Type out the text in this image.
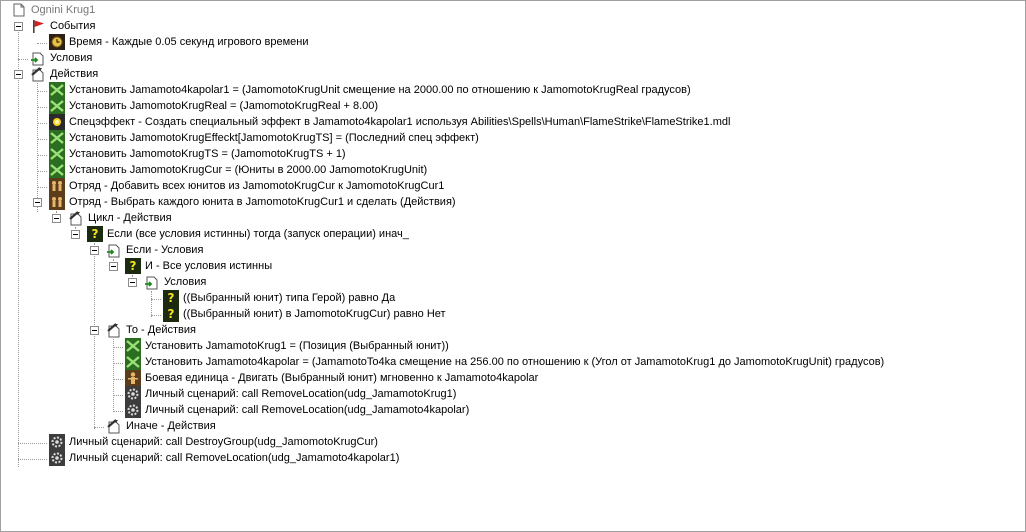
Ognini Krug1
События
Время - Каждые 0.05 секунд игрового времени
Условия
Действия
Установить Jamamoto4kapolar1 = (JamomotoKrugUnit смещение на 2000.00 по отношению к JamomotoKrugReal градусов)
Установить JamomotoKrugReal = (JamomotoKrugReal + 8.00)
Спецэффект - Создать специальный эффект в Jamamoto4kapolar1 используя Abilities\Spells\Human\FlameStrike\FlameStrike1.mdl
Установить JamomotoKrugEffeckt[JamomotoKrugTS] = (Последний спец эффект)
Установить JamomotoKrugTS = (JamomotoKrugTS + 1)
Установить JamomotoKrugCur = (Юниты в 2000.00 JamomotoKrugUnit)
Отряд - Добавить всех юнитов из JamomotoKrugCur к JamomotoKrugCur1
Отряд - Выбрать каждого юнита в JamomotoKrugCur1 и сделать (Действия)
Цикл - Действия
? Если (все условия истинны) тогда (запуск операции) инач_
Если - Условия
? И - Все условия истинны
Условия
? ((Выбранный юнит) типа Герой) равно Да
? ((Выбранный юнит) в JamomotoKrugCur) равно Нет
То - Действия
Установить JamamotoKrug1 = (Позиция (Выбранный юнит))
Установить Jamamoto4kapolar = (JamamotoTo4ka смещение на 256.00 по отношению к (Угол от JamamotoKrug1 до JamomotoKrugUnit) градусов)
Боевая единица - Двигать (Выбранный юнит) мгновенно к Jamamoto4kapolar
Личный сценарий: call RemoveLocation(udg_JamamotoKrug1)
Личный сценарий: call RemoveLocation(udg_Jamamoto4kapolar)
Иначе - Действия
Личный сценарий: call DestroyGroup(udg_JamomotoKrugCur)
Личный сценарий: call RemoveLocation(udg_Jamamoto4kapolar1)
